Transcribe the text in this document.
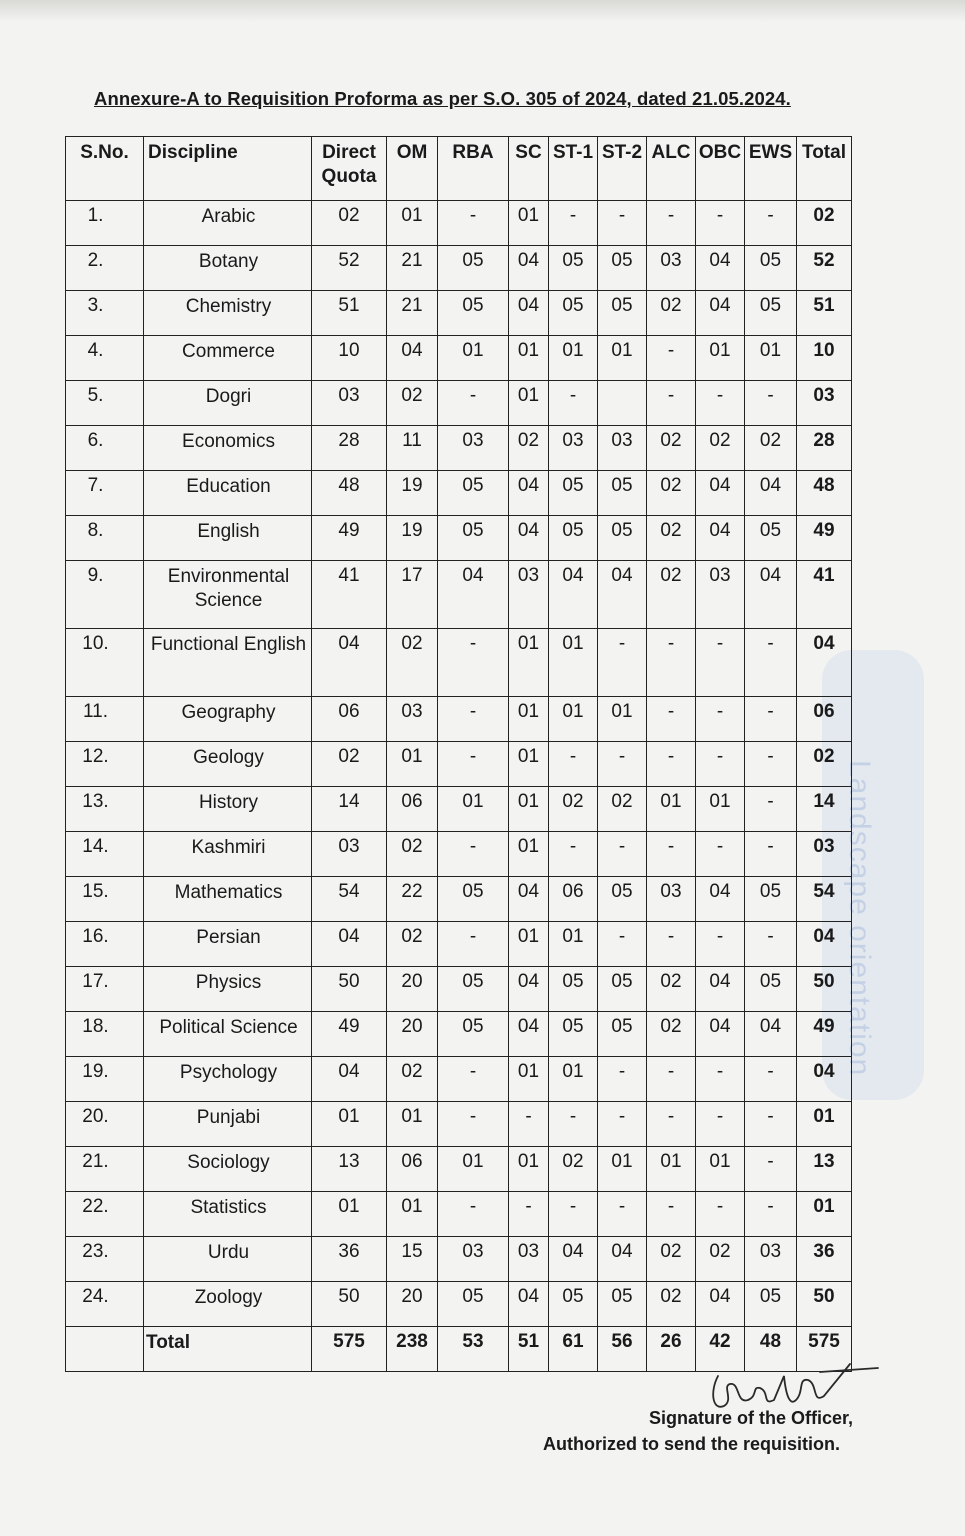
Landscape orientation
Annexure-A to Requisition Proforma as per S.O. 305 of 2024, dated 21.05.2024.
S.No.	Discipline	Direct Quota	OM	RBA	SC	ST-1	ST-2	ALC	OBC	EWS	Total
1.	Arabic	02	01	-	01	-	-	-	-	-	02
2.	Botany	52	21	05	04	05	05	03	04	05	52
3.	Chemistry	51	21	05	04	05	05	02	04	05	51
4.	Commerce	10	04	01	01	01	01	-	01	01	10
5.	Dogri	03	02	-	01	-		-	-	-	03
6.	Economics	28	11	03	02	03	03	02	02	02	28
7.	Education	48	19	05	04	05	05	02	04	04	48
8.	English	49	19	05	04	05	05	02	04	05	49
9.	Environmental Science	41	17	04	03	04	04	02	03	04	41
10.	Functional English	04	02	-	01	01	-	-	-	-	04
11.	Geography	06	03	-	01	01	01	-	-	-	06
12.	Geology	02	01	-	01	-	-	-	-	-	02
13.	History	14	06	01	01	02	02	01	01	-	14
14.	Kashmiri	03	02	-	01	-	-	-	-	-	03
15.	Mathematics	54	22	05	04	06	05	03	04	05	54
16.	Persian	04	02	-	01	01	-	-	-	-	04
17.	Physics	50	20	05	04	05	05	02	04	05	50
18.	Political Science	49	20	05	04	05	05	02	04	04	49
19.	Psychology	04	02	-	01	01	-	-	-	-	04
20.	Punjabi	01	01	-	-	-	-	-	-	-	01
21.	Sociology	13	06	01	01	02	01	01	01	-	13
22.	Statistics	01	01	-	-	-	-	-	-	-	01
23.	Urdu	36	15	03	03	04	04	02	02	03	36
24.	Zoology	50	20	05	04	05	05	02	04	05	50
	Total	575	238	53	51	61	56	26	42	48	575
Signature of the Officer,
Authorized to send the requisition.
